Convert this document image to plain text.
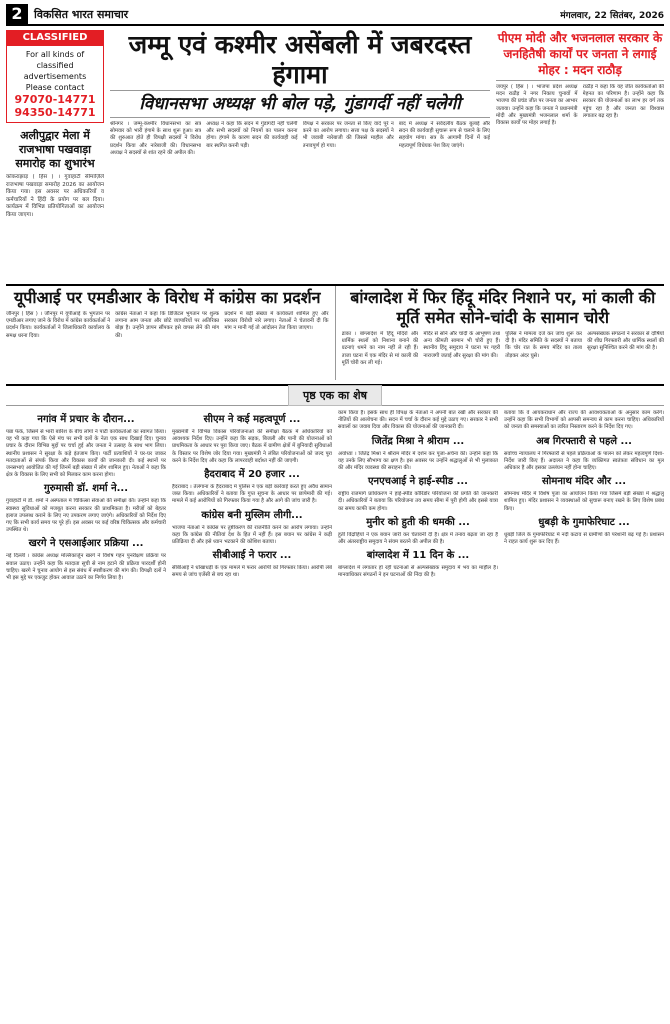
2	विकसित भारत समाचार	मंगलवार, 22 सितंबर, 2026
CLASSIFIED
For all kinds of classified advertisements Please contact
97070-14771
94350-14771
अलीपुद्वार मेला में राजभाषा पखवाड़ा समारोह का शुभारंभ
कोकराझाड़ ( हिंस ) । गुवाहाटी सीमाज़िले राजभाषा पखवाड़ा समारोह 2026 का आयोजन किया गया। इस अवसर पर अधिकारियों व कर्मचारियों ने हिंदी के प्रयोग पर बल दिया। कार्यक्रम में विभिन्न प्रतियोगिताओं का आयोजन किया जाएगा।
जम्मू एवं कश्मीर असेंबली में जबरदस्त हंगामा
विधानसभा अध्यक्ष भी बोल पड़े, गुंडागर्दी नहीं चलेगी
श्रीनगर । जम्मू-कश्मीर विधानसभा का सत्र सोमवार को भारी हंगामे के साथ शुरू हुआ। सत्र की शुरुआत होते ही विपक्षी सदस्यों ने विरोध प्रदर्शन किया और नारेबाजी की। विधानसभा अध्यक्ष ने सदस्यों से शांत रहने की अपील की।
अध्यक्ष ने कहा कि सदन में गुंडागर्दी नहीं चलेगी और सभी सदस्यों को नियमों का पालन करना होगा। हंगामे के कारण सदन की कार्यवाही कई बार स्थगित करनी पड़ी।
विपक्ष ने सरकार पर जनता से किए वादे पूरे न करने का आरोप लगाया। सत्ता पक्ष के सदस्यों ने भी जवाबी नारेबाजी की जिससे माहौल और तनावपूर्ण हो गया।
बाद में अध्यक्ष ने सर्वदलीय बैठक बुलाई और सदन की कार्यवाही सुचारू रूप से चलाने के लिए सहयोग मांगा। सत्र के आगामी दिनों में कई महत्वपूर्ण विधेयक पेश किए जाएंगे।
पीएम मोदी और भजनलाल सरकार के जनहितैषी कार्यों पर जनता ने लगाई मोहर : मदन राठौड़
जयपुर ( हिंस ) । भाजपा प्रदेश अध्यक्ष मदन राठौड़ ने नगर निकाय चुनावों में भाजपा की प्रचंड जीत पर जनता का आभार जताया। उन्होंने कहा कि जनता ने प्रधानमंत्री मोदी और मुख्यमंत्री भजनलाल शर्मा के विकास कार्यों पर मोहर लगाई है।
राठौड़ ने कहा कि यह जीत कार्यकर्ताओं की मेहनत का परिणाम है। उन्होंने कहा कि सरकार की योजनाओं का लाभ हर वर्ग तक पहुंच रहा है और जनता का विश्वास लगातार बढ़ रहा है।
यूपीआई पर एमडीआर के विरोध में कांग्रेस का प्रदर्शन
जौनपुर ( हिंस ) । जौनपुर में यूपीआई के भुगतान पर एमडीआर लगाए जाने के विरोध में कांग्रेस कार्यकर्ताओं ने प्रदर्शन किया। कार्यकर्ताओं ने जिलाधिकारी कार्यालय के समक्ष धरना दिया।
कांग्रेस नेताओं ने कहा कि डिजिटल भुगतान पर शुल्क लगाना आम जनता और छोटे व्यापारियों पर अतिरिक्त बोझ है। उन्होंने ज्ञापन सौंपकर इसे वापस लेने की मांग की।
प्रदर्शन में बड़ी संख्या में कार्यकर्ता शामिल हुए और सरकार विरोधी नारे लगाए। नेताओं ने चेतावनी दी कि मांग न मानी गई तो आंदोलन तेज किया जाएगा।
बांग्लादेश में फिर हिंदू मंदिर निशाने पर, मां काली की मूर्ति समेत सोने-चांदी के सामान चोरी
ढाका । बांग्लादेश में हिंदू मंदिरों और धार्मिक स्थलों को निशाना बनाने की घटनाएं थमने का नाम नहीं ले रही हैं। ताजा घटना में एक मंदिर से मां काली की मूर्ति चोरी कर ली गई।
मंदिर से सोने और चांदी के आभूषण तथा अन्य कीमती सामान भी चोरी हुए हैं। स्थानीय हिंदू समुदाय ने घटना पर गहरी नाराजगी जताई और सुरक्षा की मांग की।
पुलिस ने मामला दर्ज कर जांच शुरू कर दी है। मंदिर समिति के सदस्यों ने बताया कि चोर रात के समय मंदिर का ताला तोड़कर अंदर घुसे।
अल्पसंख्यक संगठनों ने सरकार से दोषियों की शीघ्र गिरफ्तारी और धार्मिक स्थलों की सुरक्षा सुनिश्चित करने की मांग की है।
पृष्ठ एक का शेष
नगांव में प्रचार के दौरान...
पन्ना फेंके, जिसमें से भारी बारिश के बीच लोगों ने पार्टी कार्यकर्ताओं का स्वागत किया। यह भी कहा गया कि ऐसे मंच पर सभी दलों के नेता एक साथ दिखाई दिए। चुनाव प्रचार के दौरान विभिन्न मुद्दों पर चर्चा हुई और जनता ने उत्साह के साथ भाग लिया। स्थानीय प्रशासन ने सुरक्षा के कड़े इंतजाम किए। पार्टी प्रत्याशियों ने घर-घर जाकर मतदाताओं से संपर्क किया और विकास कार्यों की जानकारी दी। कई स्थानों पर जनसभाएं आयोजित की गईं जिनमें बड़ी संख्या में लोग शामिल हुए। नेताओं ने कहा कि क्षेत्र के विकास के लिए सभी को मिलकर काम करना होगा।
गुरुमासी डॉ. शर्मा ने...
गुवाहाटी में डॉ. शर्मा ने अस्पताल में चिकित्सा सेवाओं की समीक्षा की। उन्होंने कहा कि स्वास्थ्य सुविधाओं को मजबूत करना सरकार की प्राथमिकता है। मरीजों को बेहतर इलाज उपलब्ध कराने के लिए नए उपकरण लगाए जाएंगे। अधिकारियों को निर्देश दिए गए कि सभी कार्य समय पर पूरे हों। इस अवसर पर कई वरिष्ठ चिकित्सक और कर्मचारी उपस्थित थे।
खरगे ने एसआईआर प्रक्रिया ...
नई दिल्ली । कांग्रेस अध्यक्ष मल्लिकार्जुन खरगे ने विशेष गहन पुनरीक्षण प्रक्रिया पर सवाल उठाए। उन्होंने कहा कि मतदाता सूची से नाम हटाने की प्रक्रिया पारदर्शी होनी चाहिए। खरगे ने चुनाव आयोग से इस संबंध में स्पष्टीकरण की मांग की। विपक्षी दलों ने भी इस मुद्दे पर एकजुट होकर आवाज उठाने का निर्णय लिया है।
सीएम ने कई महत्वपूर्ण ...
मुख्यमंत्री ने विभिन्न विकास परियोजनाओं की समीक्षा बैठक में अधिकारियों को आवश्यक निर्देश दिए। उन्होंने कहा कि सड़क, बिजली और पानी की योजनाओं को प्राथमिकता के आधार पर पूरा किया जाए। बैठक में ग्रामीण क्षेत्रों में बुनियादी सुविधाओं के विस्तार पर विशेष जोर दिया गया। मुख्यमंत्री ने लंबित परियोजनाओं को जल्द पूरा करने के निर्देश दिए और कहा कि लापरवाही बर्दाश्त नहीं की जाएगी।
हैदराबाद में 20 हजार ...
हैदराबाद । तेलंगाना के हैदराबाद में पुलिस ने एक बड़ी कार्रवाई करते हुए अवैध सामान जब्त किया। अधिकारियों ने बताया कि गुप्त सूचना के आधार पर छापेमारी की गई। मामले में कई आरोपियों को गिरफ्तार किया गया है और आगे की जांच जारी है।
कांग्रेस बनी मुस्लिम लीगी...
भाजपा नेताओं ने कांग्रेस पर तुष्टीकरण की राजनीति करने का आरोप लगाया। उन्होंने कहा कि कांग्रेस की नीतियां देश के हित में नहीं हैं। इस बयान पर कांग्रेस ने कड़ी प्रतिक्रिया दी और इसे ध्यान भटकाने की कोशिश बताया।
सीबीआई ने फरार ...
सीबीआई ने धोखाधड़ी के एक मामले में फरार आरोपी को गिरफ्तार किया। आरोपी लंबे समय से जांच एजेंसी से बच रहा था।
काम किया है। इसके साथ ही विपक्ष के नेताओं ने अपनी बात रखी और सरकार की नीतियों की आलोचना की। सदन में चर्चा के दौरान कई मुद्दे उठाए गए। सरकार ने सभी सवालों का जवाब दिया और विकास की योजनाओं की जानकारी दी।
जितेंद्र मिश्रा ने श्रीराम ...
अयोध्या । जितेंद्र मिश्रा ने श्रीराम मंदिर में दर्शन कर पूजा-अर्चना की। उन्होंने कहा कि यह उनके लिए सौभाग्य का क्षण है। इस अवसर पर उन्होंने श्रद्धालुओं से भी मुलाकात की और मंदिर व्यवस्था की सराहना की।
एनएचआई ने हाई-स्पीड ...
राष्ट्रीय राजमार्ग प्राधिकरण ने हाई-स्पीड कॉरिडोर परियोजना की प्रगति की जानकारी दी। अधिकारियों ने बताया कि परियोजना तय समय सीमा में पूरी होगी और इससे यात्रा का समय काफी कम होगा।
मुनीर को हुती की धमकी ...
हूती विद्रोहियों ने एक बयान जारी कर चेतावनी दी है। क्षेत्र में तनाव बढ़ता जा रहा है और अंतरराष्ट्रीय समुदाय ने संयम बरतने की अपील की है।
बांग्लादेश में 11 दिन के ...
बांग्लादेश में लगातार हो रही घटनाओं से अल्पसंख्यक समुदाय में भय का माहौल है। मानवाधिकार संगठनों ने इन घटनाओं की निंदा की है।
बताया कि वे आयकराधान और राज्य की आवश्यकताओं के अनुसार काम करेंगे। उन्होंने कहा कि सभी विभागों को आपसी समन्वय से काम करना चाहिए। अधिकारियों को जनता की समस्याओं का त्वरित निस्तारण करने के निर्देश दिए गए।
अब गिरफ्तारी से पहले ...
सर्वोच्च न्यायालय ने गिरफ्तारी से पहले प्रक्रियाओं के पालन को लेकर महत्वपूर्ण दिशा-निर्देश जारी किए हैं। अदालत ने कहा कि व्यक्तिगत स्वतंत्रता संविधान का मूल अधिकार है और इसका उल्लंघन नहीं होना चाहिए।
सोमनाथ मंदिर और ...
सोमनाथ मंदिर में विशेष पूजा का आयोजन किया गया जिसमें बड़ी संख्या में श्रद्धालु शामिल हुए। मंदिर प्रशासन ने व्यवस्थाओं को सुचारू बनाए रखने के लिए विशेष प्रबंध किए।
धुबड़ी के गुमाफेरिघाट ...
धुबड़ी जिले के गुमाफेरिघाट में नदी कटाव से ग्रामीणों की परेशानी बढ़ गई है। प्रशासन ने राहत कार्य शुरू कर दिए हैं।
